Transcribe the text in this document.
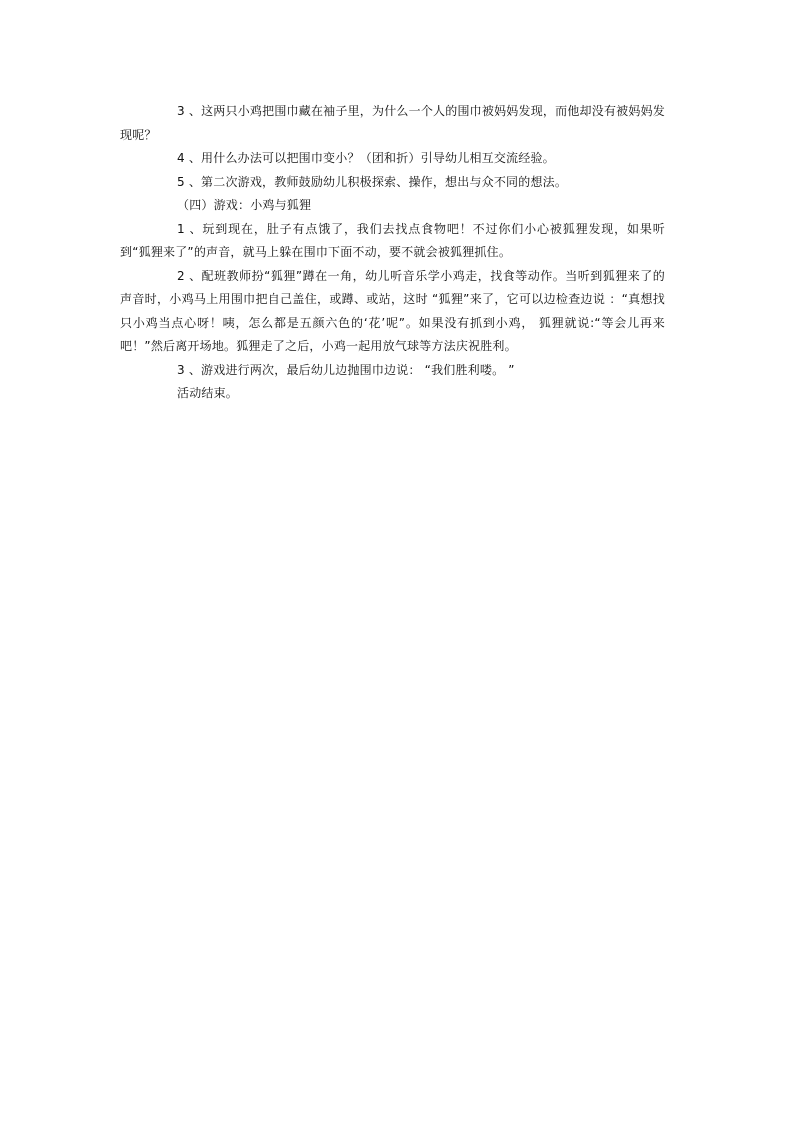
3 、这两只小鸡把围巾藏在袖子里，为什么一个人的围巾被妈妈发现，而他却没有被妈妈发现呢？

4 、用什么办法可以把围巾变小？（团和折）引导幼儿相互交流经验。

5 、第二次游戏，教师鼓励幼儿积极探索、操作，想出与众不同的想法。

（四）游戏：小鸡与狐狸

1 、玩到现在，肚子有点饿了，我们去找点食物吧！不过你们小心被狐狸发现，如果听到“狐狸来了”的声音，就马上躲在围巾下面不动，要不就会被狐狸抓住。

2 、配班教师扮“狐狸”蹲在一角，幼儿听音乐学小鸡走，找食等动作。当听到狐狸来了的声音时，小鸡马上用围巾把自己盖住，或蹲、或站，这时 “狐狸”来了，它可以边检查边说 ：“真想找只小鸡当点心呀！咦，怎么都是五颜六色的‘花’呢”。如果没有抓到小鸡， 狐狸就说:“等会儿再来吧！”然后离开场地。狐狸走了之后，小鸡一起用放气球等方法庆祝胜利。

3 、游戏进行两次，最后幼儿边抛围巾边说： “我们胜利喽。 ”

活动结束。
